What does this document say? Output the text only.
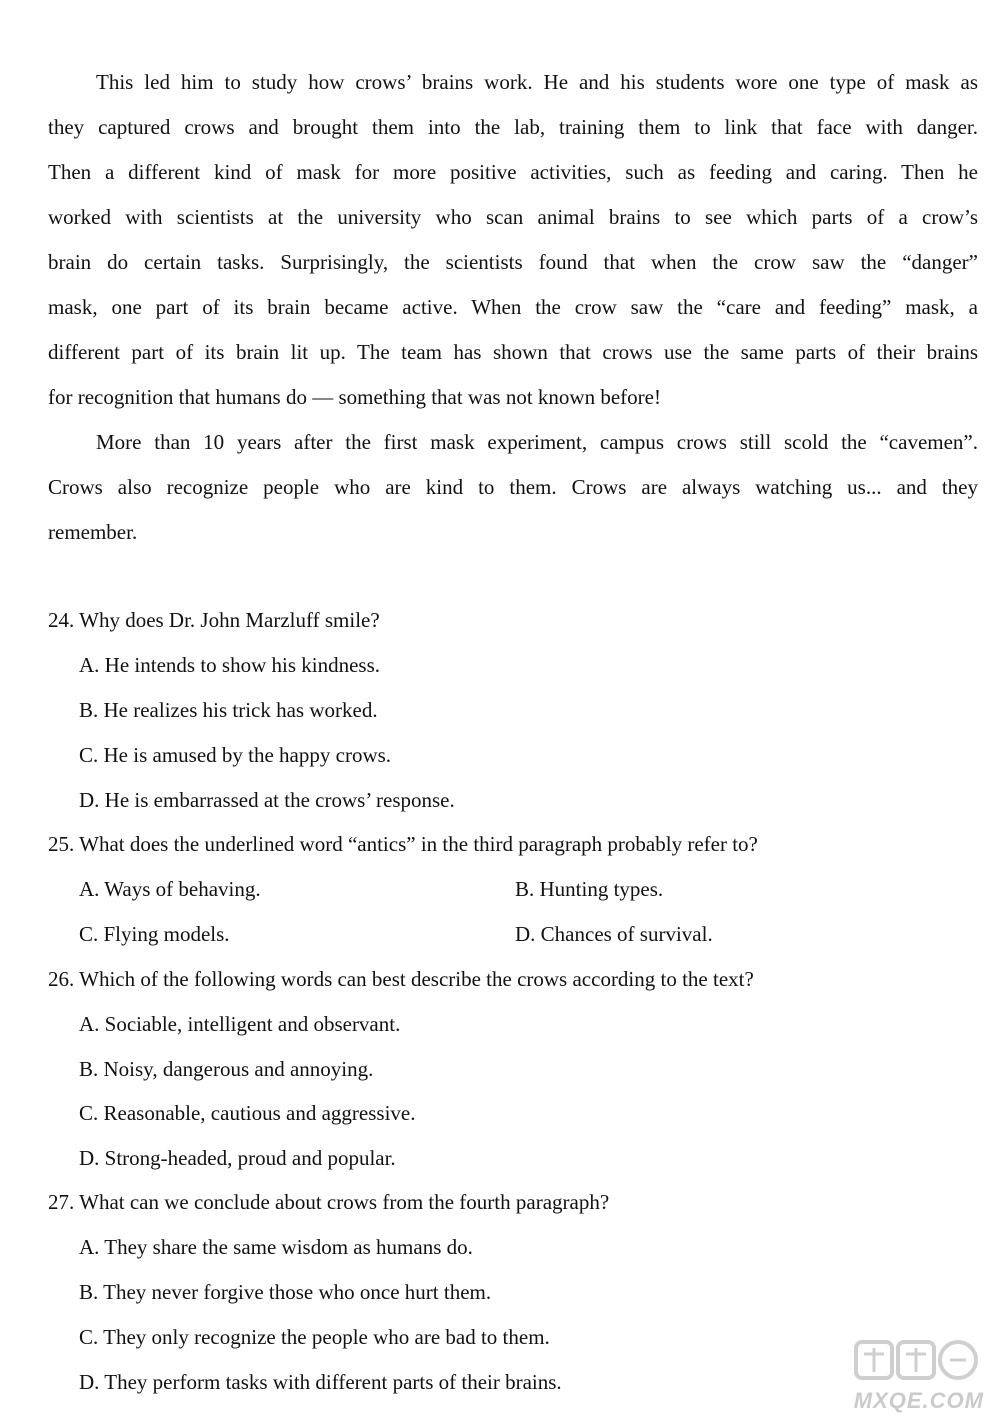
This led him to study how crows’ brains work. He and his students wore one type of mask as
they captured crows and brought them into the lab, training them to link that face with danger.
Then a different kind of mask for more positive activities, such as feeding and caring. Then he
worked with scientists at the university who scan animal brains to see which parts of a crow’s
brain do certain tasks. Surprisingly, the scientists found that when the crow saw the “danger”
mask, one part of its brain became active. When the crow saw the “care and feeding” mask, a
different part of its brain lit up. The team has shown that crows use the same parts of their brains
for recognition that humans do — something that was not known before!
More than 10 years after the first mask experiment, campus crows still scold the “cavemen”.
Crows also recognize people who are kind to them. Crows are always watching us... and they
remember.

24. Why does Dr. John Marzluff smile?

A. He intends to show his kindness.

B. He realizes his trick has worked.

C. He is amused by the happy crows.

D. He is embarrassed at the crows’ response.

25. What does the underlined word “antics” in the third paragraph probably refer to?

A. Ways of behaving.	B. Hunting types.

C. Flying models.	D. Chances of survival.

26. Which of the following words can best describe the crows according to the text?

A. Sociable, intelligent and observant.

B. Noisy, dangerous and annoying.

C. Reasonable, cautious and aggressive.

D. Strong-headed, proud and popular.

27. What can we conclude about crows from the fourth paragraph?

A. They share the same wisdom as humans do.

B. They never forgive those who once hurt them.

C. They only recognize the people who are bad to them.

D. They perform tasks with different parts of their brains.

MXQE.COM
